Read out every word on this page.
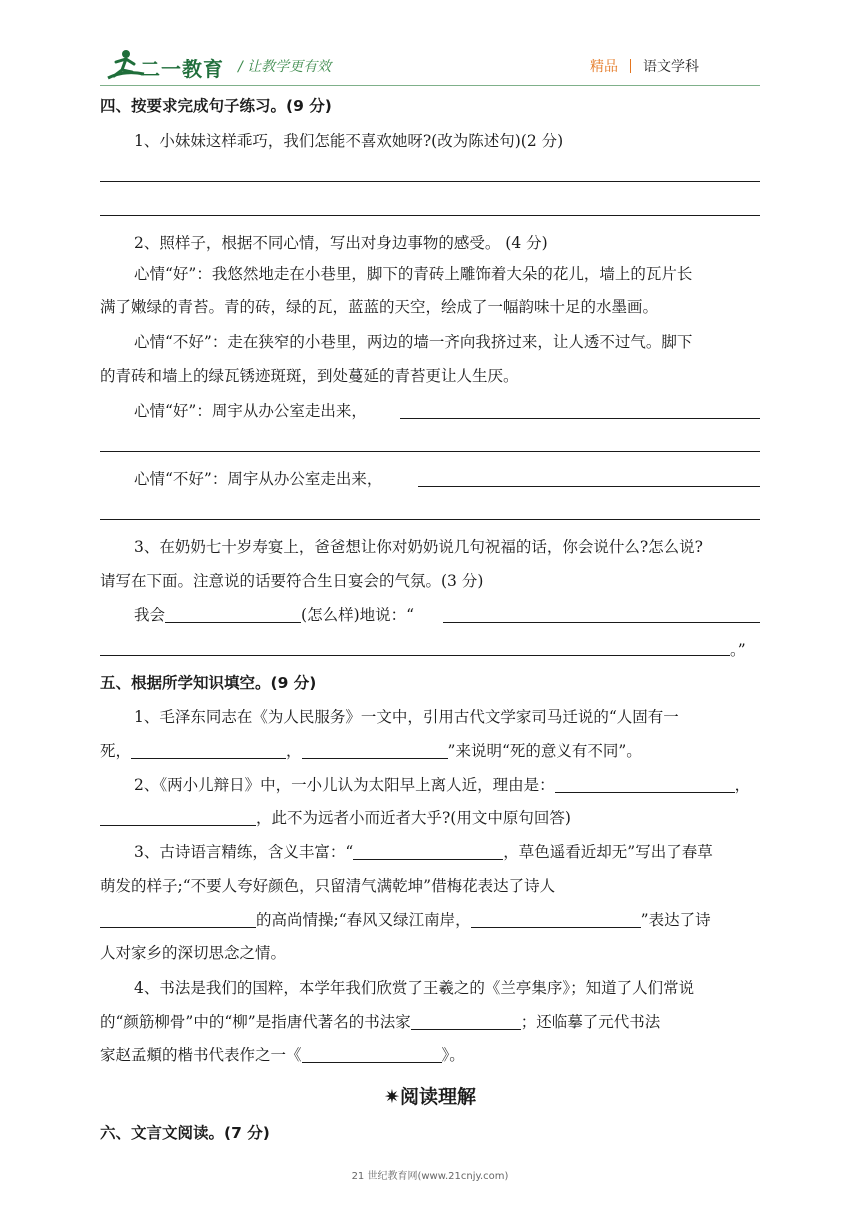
二一教育 / 让教学更有效	精品 语文学科
四、按要求完成句子练习。(9 分)
1、小妹妹这样乖巧，我们怎能不喜欢她呀?(改为陈述句)(2 分)
2、照样子，根据不同心情，写出对身边事物的感受。 (4 分)
心情“好”：我悠然地走在小巷里，脚下的青砖上雕饰着大朵的花儿，墙上的瓦片长
满了嫩绿的青苔。青的砖，绿的瓦，蓝蓝的天空，绘成了一幅韵味十足的水墨画。
心情“不好”：走在狭窄的小巷里，两边的墙一齐向我挤过来，让人透不过气。脚下
的青砖和墙上的绿瓦锈迹斑斑，到处蔓延的青苔更让人生厌。
心情“好”：周宇从办公室走出来，
心情“不好”：周宇从办公室走出来，
3、在奶奶七十岁寿宴上，爸爸想让你对奶奶说几句祝福的话，你会说什么?怎么说?
请写在下面。注意说的话要符合生日宴会的气氛。(3 分)
我会	(怎么样)地说：“
。”
五、根据所学知识填空。(9 分)
1、毛泽东同志在《为人民服务》一文中，引用古代文学家司马迁说的“人固有一
死，	，	”来说明“死的意义有不同”。
2、《两小儿辩日》中，一小儿认为太阳早上离人近，理由是：	，
，此不为远者小而近者大乎?(用文中原句回答)
3、古诗语言精练，含义丰富：“	，草色遥看近却无”写出了春草
萌发的样子;“不要人夸好颜色，只留清气满乾坤”借梅花表达了诗人
的高尚情操;“春风又绿江南岸，	”表达了诗
人对家乡的深切思念之情。
4、书法是我们的国粹，本学年我们欣赏了王羲之的《兰亭集序》；知道了人们常说
的“颜筋柳骨”中的“柳”是指唐代著名的书法家	；还临摹了元代书法
家赵孟頫的楷书代表作之一《	》。
✷阅读理解
六、文言文阅读。(7 分)
21 世纪教育网(www.21cnjy.com)
